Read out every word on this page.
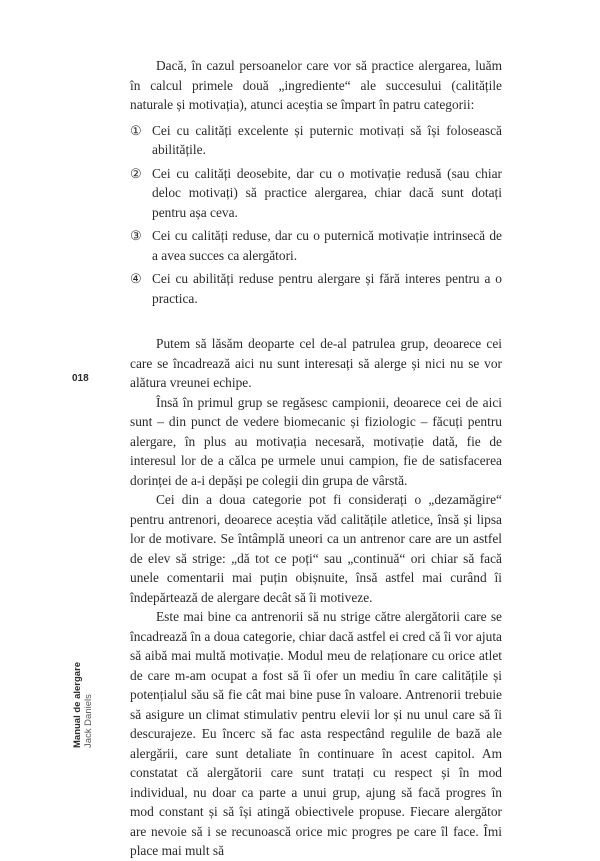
018
Manual de alergare Jack Daniels

Dacă, în cazul persoanelor care vor să practice alergarea, luăm în calcul primele două „ingrediente“ ale succesului (calitățile naturale și motivația), atunci aceștia se împart în patru categorii:

① Cei cu calități excelente și puternic motivați să își folosească abilitățile.
② Cei cu calități deosebite, dar cu o motivație redusă (sau chiar deloc motivați) să practice alergarea, chiar dacă sunt dotați pentru așa ceva.
③ Cei cu calități reduse, dar cu o puternică motivație intrinsecă de a avea succes ca alergători.
④ Cei cu abilități reduse pentru alergare și fără interes pentru a o practica.

Putem să lăsăm deoparte cel de-al patrulea grup, deoarece cei care se încadrează aici nu sunt interesați să alerge și nici nu se vor alătura vreunei echipe.

Însă în primul grup se regăsesc campionii, deoarece cei de aici sunt – din punct de vedere biomecanic și fiziologic – făcuți pentru alergare, în plus au motivația necesară, motivație dată, fie de interesul lor de a călca pe urmele unui campion, fie de satisfacerea dorinței de a-i depăși pe colegii din grupa de vârstă.

Cei din a doua categorie pot fi considerați o „dezamăgire“ pentru antrenori, deoarece aceștia văd calitățile atletice, însă și lipsa lor de motivare. Se întâmplă uneori ca un antrenor care are un astfel de elev să strige: „dă tot ce poți“ sau „continuă“ ori chiar să facă unele comentarii mai puțin obișnuite, însă astfel mai curând îi îndepărtează de alergare decât să îi motiveze.

Este mai bine ca antrenorii să nu strige către alergătorii care se încadrează în a doua categorie, chiar dacă astfel ei cred că îi vor ajuta să aibă mai multă motivație. Modul meu de relaționare cu orice atlet de care m-am ocupat a fost să îi ofer un mediu în care calitățile și potențialul său să fie cât mai bine puse în valoare. Antrenorii trebuie să asigure un climat stimulativ pentru elevii lor și nu unul care să îi descurajeze. Eu încerc să fac asta respectând regulile de bază ale alergării, care sunt detaliate în continuare în acest capitol. Am constatat că alergătorii care sunt tratați cu respect și în mod individual, nu doar ca parte a unui grup, ajung să facă progres în mod constant și să își atingă obiectivele propuse. Fiecare alergător are nevoie să i se recunoască orice mic progres pe care îl face. Îmi place mai mult să
